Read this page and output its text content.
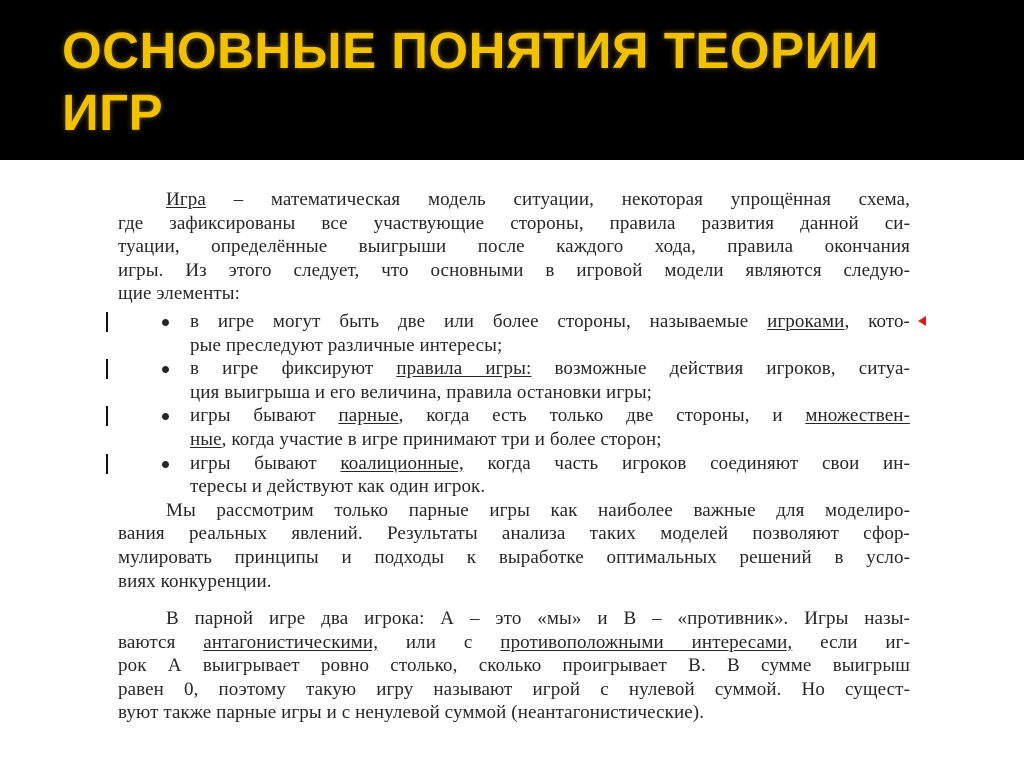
ОСНОВНЫЕ ПОНЯТИЯ ТЕОРИИ
ИГР
Игра – математическая модель ситуации, некоторая упрощённая схема,
где зафиксированы все участвующие стороны, правила развития данной си-
туации, определённые выигрыши после каждого хода, правила окончания
игры. Из этого следует, что основными в игровой модели являются следую-
щие элементы:
в игре могут быть две или более стороны, называемые игроками, кото-
рые преследуют различные интересы;
в игре фиксируют правила игры: возможные действия игроков, ситуа-
ция выигрыша и его величина, правила остановки игры;
игры бывают парные, когда есть только две стороны, и множествен-
ные, когда участие в игре принимают три и более сторон;
игры бывают коалиционные, когда часть игроков соединяют свои ин-
тересы и действуют как один игрок.
Мы рассмотрим только парные игры как наиболее важные для моделиро-
вания реальных явлений. Результаты анализа таких моделей позволяют сфор-
мулировать принципы и подходы к выработке оптимальных решений в усло-
виях конкуренции.
В парной игре два игрока: А – это «мы» и В – «противник». Игры назы-
ваются антагонистическими, или с противоположными интересами, если иг-
рок А выигрывает ровно столько, сколько проигрывает В. В сумме выигрыш
равен 0, поэтому такую игру называют игрой с нулевой суммой. Но сущест-
вуют также парные игры и с ненулевой суммой (неантагонистические).
